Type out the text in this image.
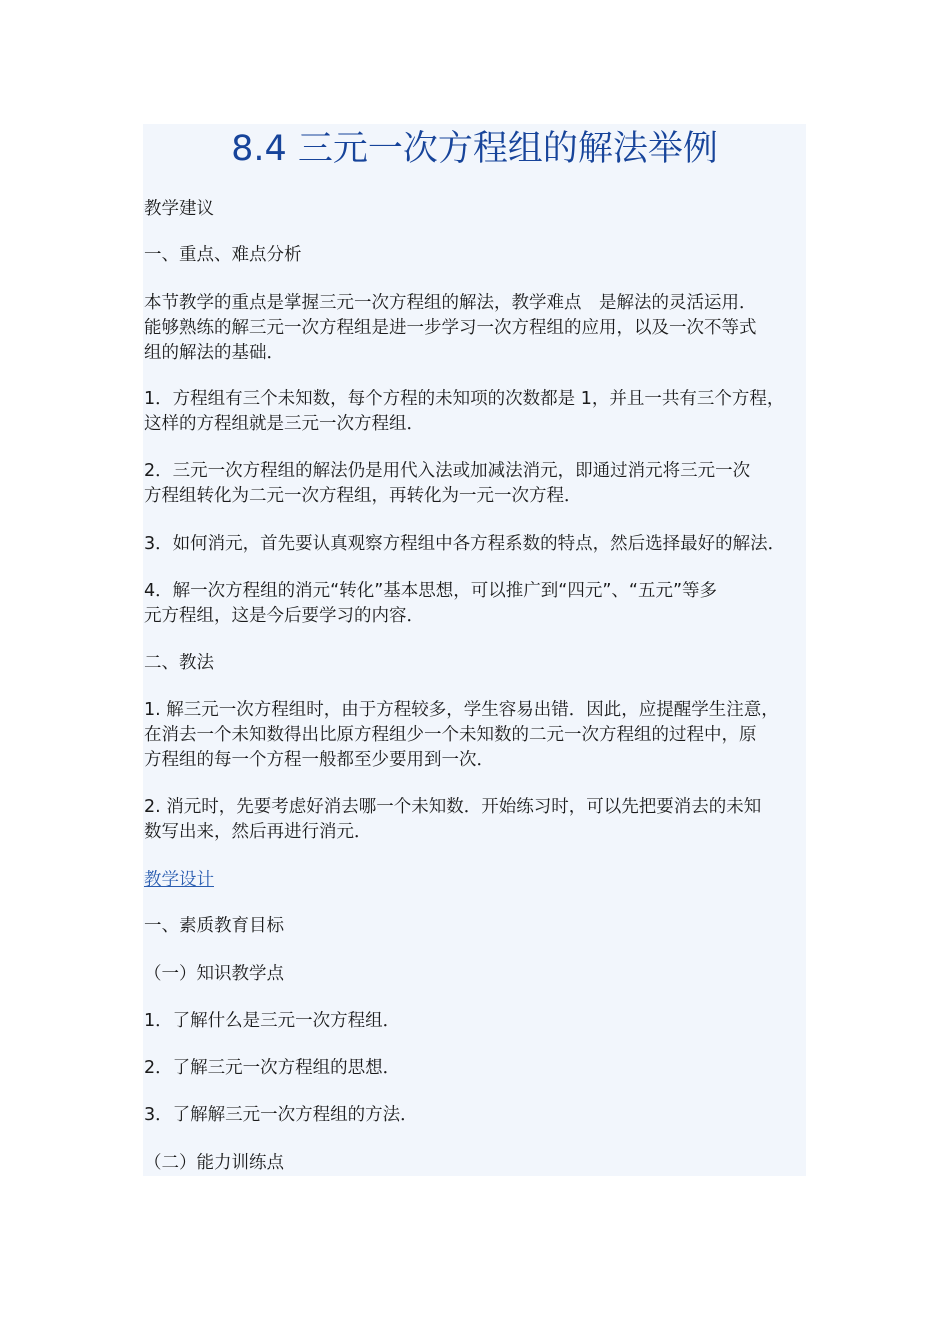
8.4 三元一次方程组的解法举例

教学建议

一、重点、难点分析

本节教学的重点是掌握三元一次方程组的解法，教学难点　是解法的灵活运用．
能够熟练的解三元一次方程组是进一步学习一次方程组的应用，以及一次不等式
组的解法的基础．

1．方程组有三个未知数，每个方程的未知项的次数都是 1，并且一共有三个方程，
这样的方程组就是三元一次方程组．

2．三元一次方程组的解法仍是用代入法或加减法消元，即通过消元将三元一次
方程组转化为二元一次方程组，再转化为一元一次方程．

3．如何消元，首先要认真观察方程组中各方程系数的特点，然后选择最好的解法．

4．解一次方程组的消元“转化”基本思想，可以推广到“四元”、“五元”等多
元方程组，这是今后要学习的内容．

二、教法

1. 解三元一次方程组时，由于方程较多，学生容易出错．因此，应提醒学生注意，
在消去一个未知数得出比原方程组少一个未知数的二元一次方程组的过程中，原
方程组的每一个方程一般都至少要用到一次．

2. 消元时，先要考虑好消去哪一个未知数．开始练习时，可以先把要消去的未知
数写出来，然后再进行消元．

教学设计

一、素质教育目标

（一）知识教学点

1．了解什么是三元一次方程组．

2．了解三元一次方程组的思想．

3．了解解三元一次方程组的方法．

（二）能力训练点
